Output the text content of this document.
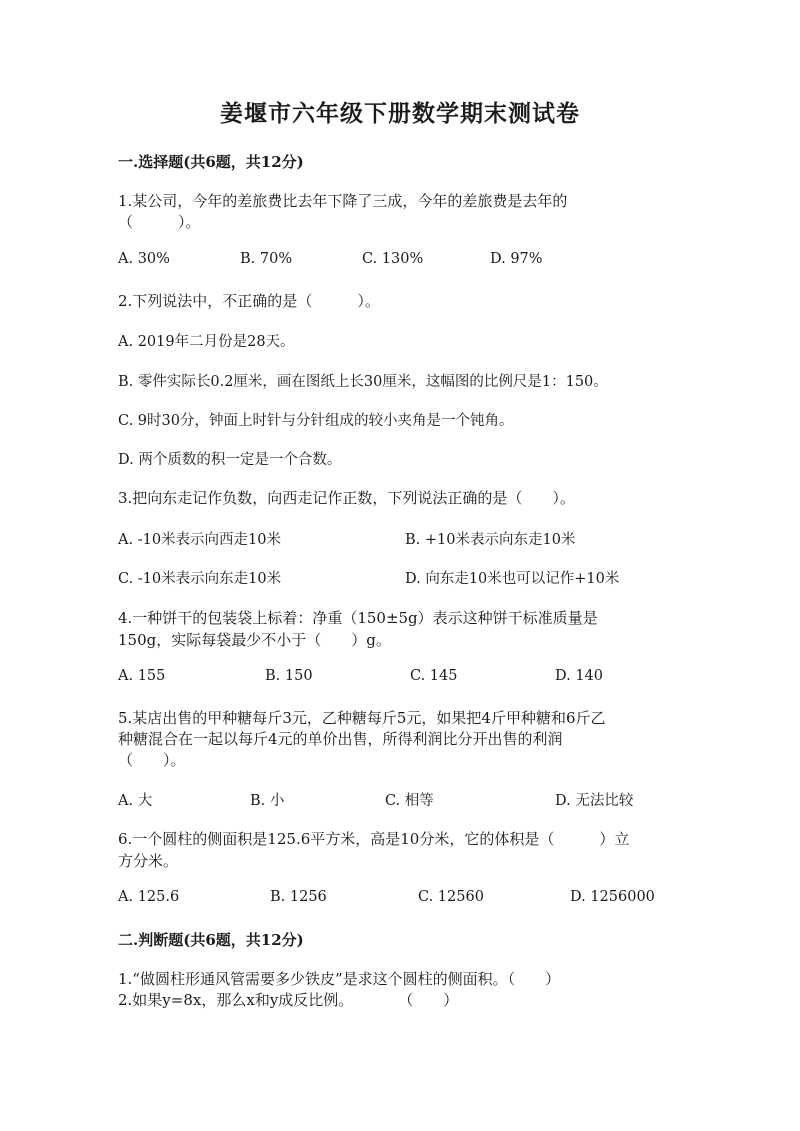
姜堰市六年级下册数学期末测试卷
一.选择题(共6题，共12分)
1.某公司，今年的差旅费比去年下降了三成，今年的差旅费是去年的
（　　　）。
A. 30%	B. 70%	C. 130%	D. 97%
2.下列说法中，不正确的是（　　　）。
A. 2019年二月份是28天。
B. 零件实际长0.2厘米，画在图纸上长30厘米，这幅图的比例尺是1：150。
C. 9时30分，钟面上时针与分针组成的较小夹角是一个钝角。
D. 两个质数的积一定是一个合数。
3.把向东走记作负数，向西走记作正数，下列说法正确的是（　　）。
A. -10米表示向西走10米	B. +10米表示向东走10米
C. -10米表示向东走10米	D. 向东走10米也可以记作+10米
4.一种饼干的包装袋上标着：净重（150±5g）表示这种饼干标准质量是
150g，实际每袋最少不小于（　　）g。
A. 155	B. 150	C. 145	D. 140
5.某店出售的甲种糖每斤3元，乙种糖每斤5元，如果把4斤甲种糖和6斤乙
种糖混合在一起以每斤4元的单价出售，所得利润比分开出售的利润
（　　）。
A. 大	B. 小	C. 相等	D. 无法比较
6.一个圆柱的侧面积是125.6平方米，高是10分米，它的体积是（　　　）立
方分米。
A. 125.6	B. 1256	C. 12560	D. 1256000
二.判断题(共6题，共12分)
1.“做圆柱形通风管需要多少铁皮”是求这个圆柱的侧面积。（　　）
2.如果y=8x，那么x和y成反比例。　　　　（　　）
